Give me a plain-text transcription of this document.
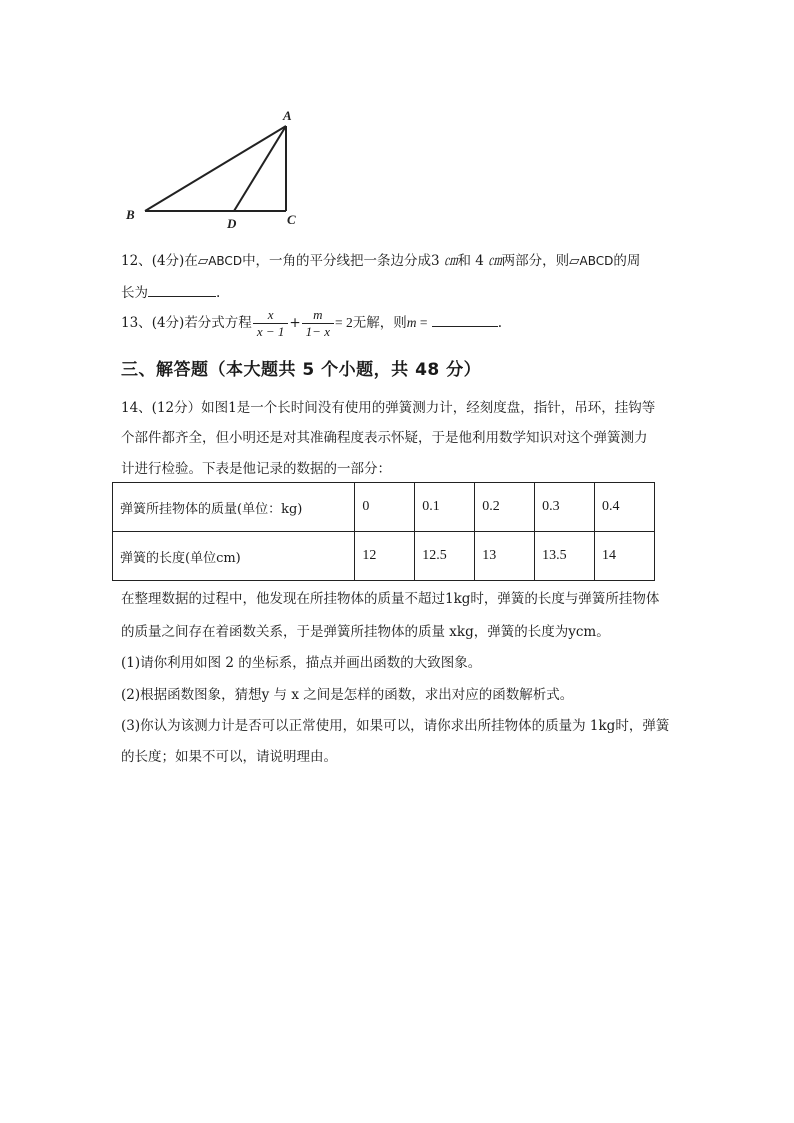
A
B	C
D
12、(4分)在▱ABCD中，一角的平分线把一条边分成3 ㎝和 4 ㎝两部分，则▱ABCD的周
长为	.
13、(4分)若分式方程 $\frac{x}{x - 1} + \frac{m}{1- x} = 2$无解，则m =	.
三、解答题（本大题共 5 个小题，共 48 分）
14、(12分）如图1是一个长时间没有使用的弹簧测力计，经刻度盘，指针，吊环，挂钩等
个部件都齐全，但小明还是对其准确程度表示怀疑，于是他利用数学知识对这个弹簧测力
计进行检验。下表是他记录的数据的一部分：
弹簧所挂物体的质量(单位：kg)	0	0.1	0.2	0.3	0.4
弹簧的长度(单位cm)	12	12.5	13	13.5	14
在整理数据的过程中，他发现在所挂物体的质量不超过1kg时，弹簧的长度与弹簧所挂物体
的质量之间存在着函数关系，于是弹簧所挂物体的质量 xkg，弹簧的长度为ycm。
(1)请你利用如图 2 的坐标系，描点并画出函数的大致图象。
(2)根据函数图象，猜想y 与 x 之间是怎样的函数，求出对应的函数解析式。
(3)你认为该测力计是否可以正常使用，如果可以，请你求出所挂物体的质量为 1kg时，弹簧
的长度；如果不可以，请说明理由。
